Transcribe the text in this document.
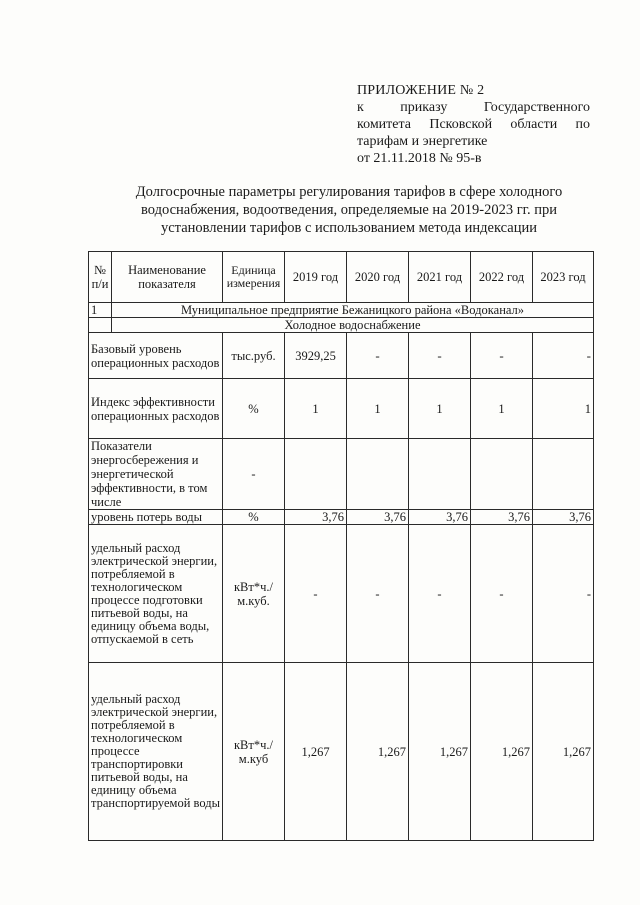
ПРИЛОЖЕНИЕ № 2
к приказу Государственного
комитета Псковской области по
тарифам и энергетике
от 21.11.2018 № 95-в
Долгосрочные параметры регулирования тарифов в сфере холодного
водоснабжения, водоотведения, определяемые на 2019-2023 гг. при
установлении тарифов с использованием метода индексации
№ п/и	Наименование показателя	Единица измерения	2019 год	2020 год	2021 год	2022 год	2023 год
1	Муниципальное предприятие Бежаницкого района «Водоканал»						
	Холодное водоснабжение						
Базовый уровень операционных расходов		тыс.руб.	3929,25	-	-	-	-
Индекс эффективности операционных расходов		%	1	1	1	1	1
Показатели энергосбережения и энергетической эффективности, в том числе		-					
уровень потерь воды		%	3,76	3,76	3,76	3,76	3,76
удельный расход электрической энергии, потребляемой в технологическом процессе подготовки питьевой воды, на единицу объема воды, отпускаемой в сеть		кВт*ч./м.куб.	-	-	-	-	-
удельный расход электрической энергии, потребляемой в технологическом процессе транспортировки питьевой воды, на единицу объема транспортируемой воды		кВт*ч./м.куб	1,267	1,267	1,267	1,267	1,267
